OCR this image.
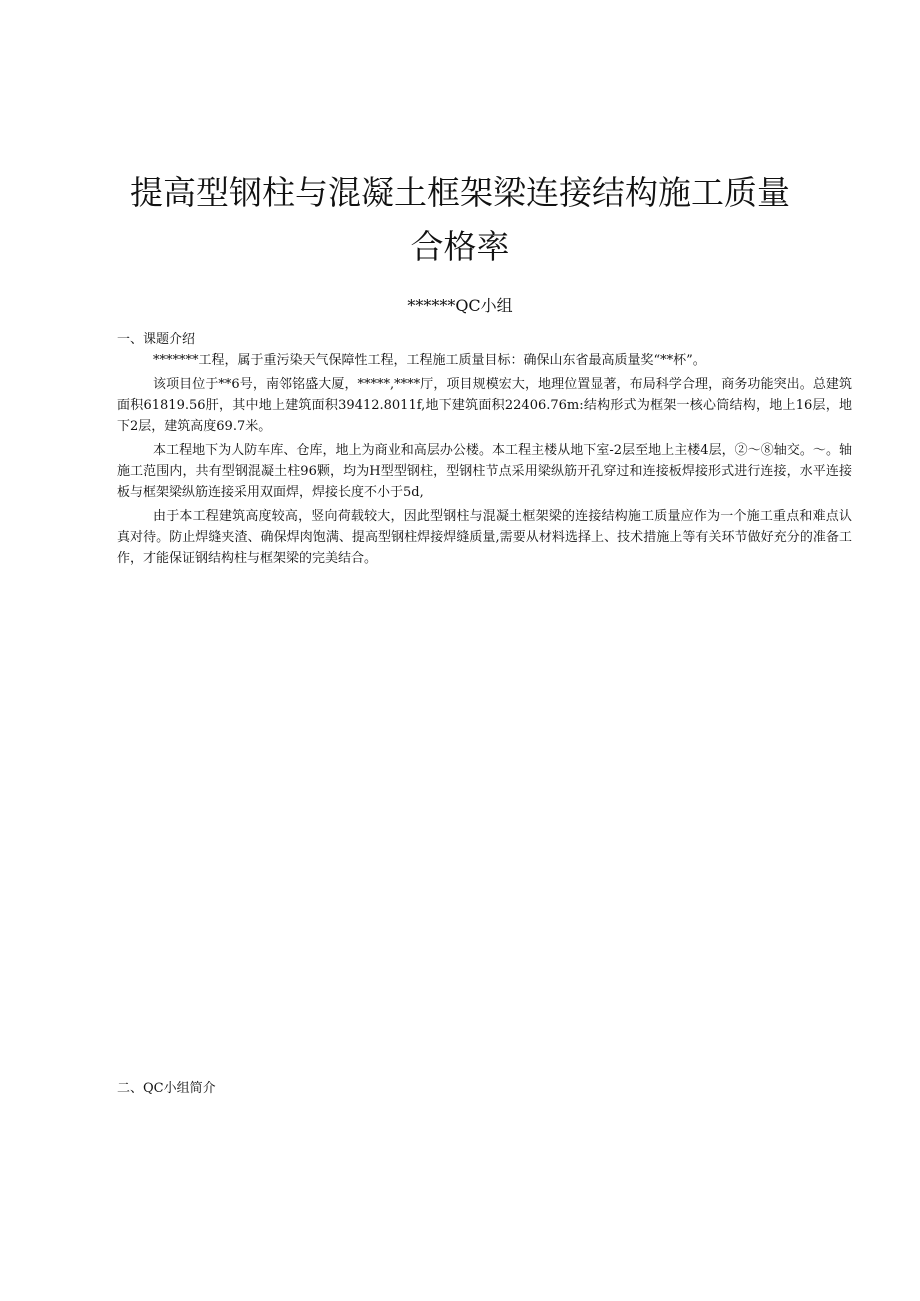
提高型钢柱与混凝土框架梁连接结构施工质量
合格率
******QC小组
一、课题介绍

*******工程，属于重污染天气保障性工程，工程施工质量目标：确保山东省最高质量奖“**杯”。

该项目位于**6号，南邻铭盛大厦，*****,****厅，项目规模宏大，地理位置显著，布局科学合理，商务功能突出。总建筑面积61819.56肝，其中地上建筑面积39412.8011f,地下建筑面积22406.76m:结构形式为框架一核心筒结构，地上16层，地下2层，建筑高度69.7米。

本工程地下为人防车库、仓库，地上为商业和高层办公楼。本工程主楼从地下室-2层至地上主楼4层，②～⑧轴交。～。轴施工范围内，共有型钢混凝土柱96颗，均为H型型钢柱，型钢柱节点采用梁纵筋开孔穿过和连接板焊接形式进行连接，水平连接板与框架梁纵筋连接采用双面焊，焊接长度不小于5d,

由于本工程建筑高度较高，竖向荷载较大，因此型钢柱与混凝土框架梁的连接结构施工质量应作为一个施工重点和难点认真对待。防止焊缝夹渣、确保焊肉饱满、提高型钢柱焊接焊缝质量,需要从材料选择上、技术措施上等有关环节做好充分的准备工作，才能保证钢结构柱与框架梁的完美结合。

二、QC小组简介
